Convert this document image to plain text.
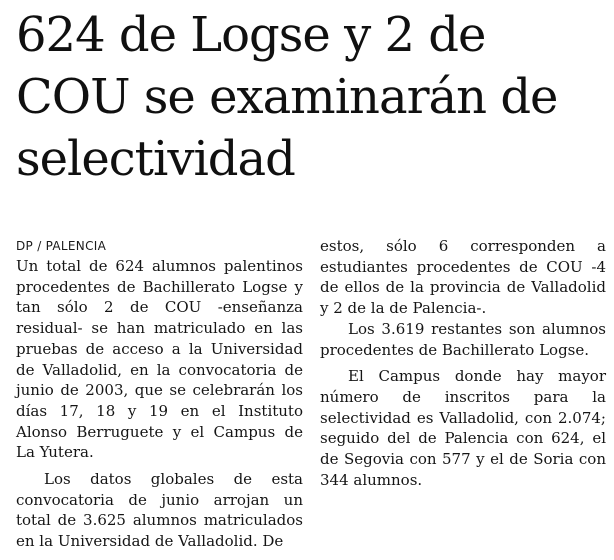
624 de Logse y 2 de COU se examinarán de selectividad
DP / PALENCIA

Un total de 624 alumnos palentinos procedentes de Bachillerato Logse y tan sólo 2 de COU -enseñanza residual- se han matriculado en las pruebas de acceso a la Universidad de Valladolid, en la convocatoria de junio de 2003, que se celebrarán los días 17, 18 y 19 en el Instituto Alonso Berruguete y el Campus de La Yutera.

Los datos globales de esta convocatoria de junio arrojan un total de 3.625 alumnos matriculados en la Universidad de Valladolid. De

estos, sólo 6 corresponden a estudiantes procedentes de COU -4 de ellos de la provincia de Valladolid y 2 de la de Palencia-.

Los 3.619 restantes son alumnos procedentes de Bachillerato Logse.

El Campus donde hay mayor número de inscritos para la selectividad es Valladolid, con 2.074; seguido del de Palencia con 624, el de Segovia con 577 y el de Soria con 344 alumnos.
